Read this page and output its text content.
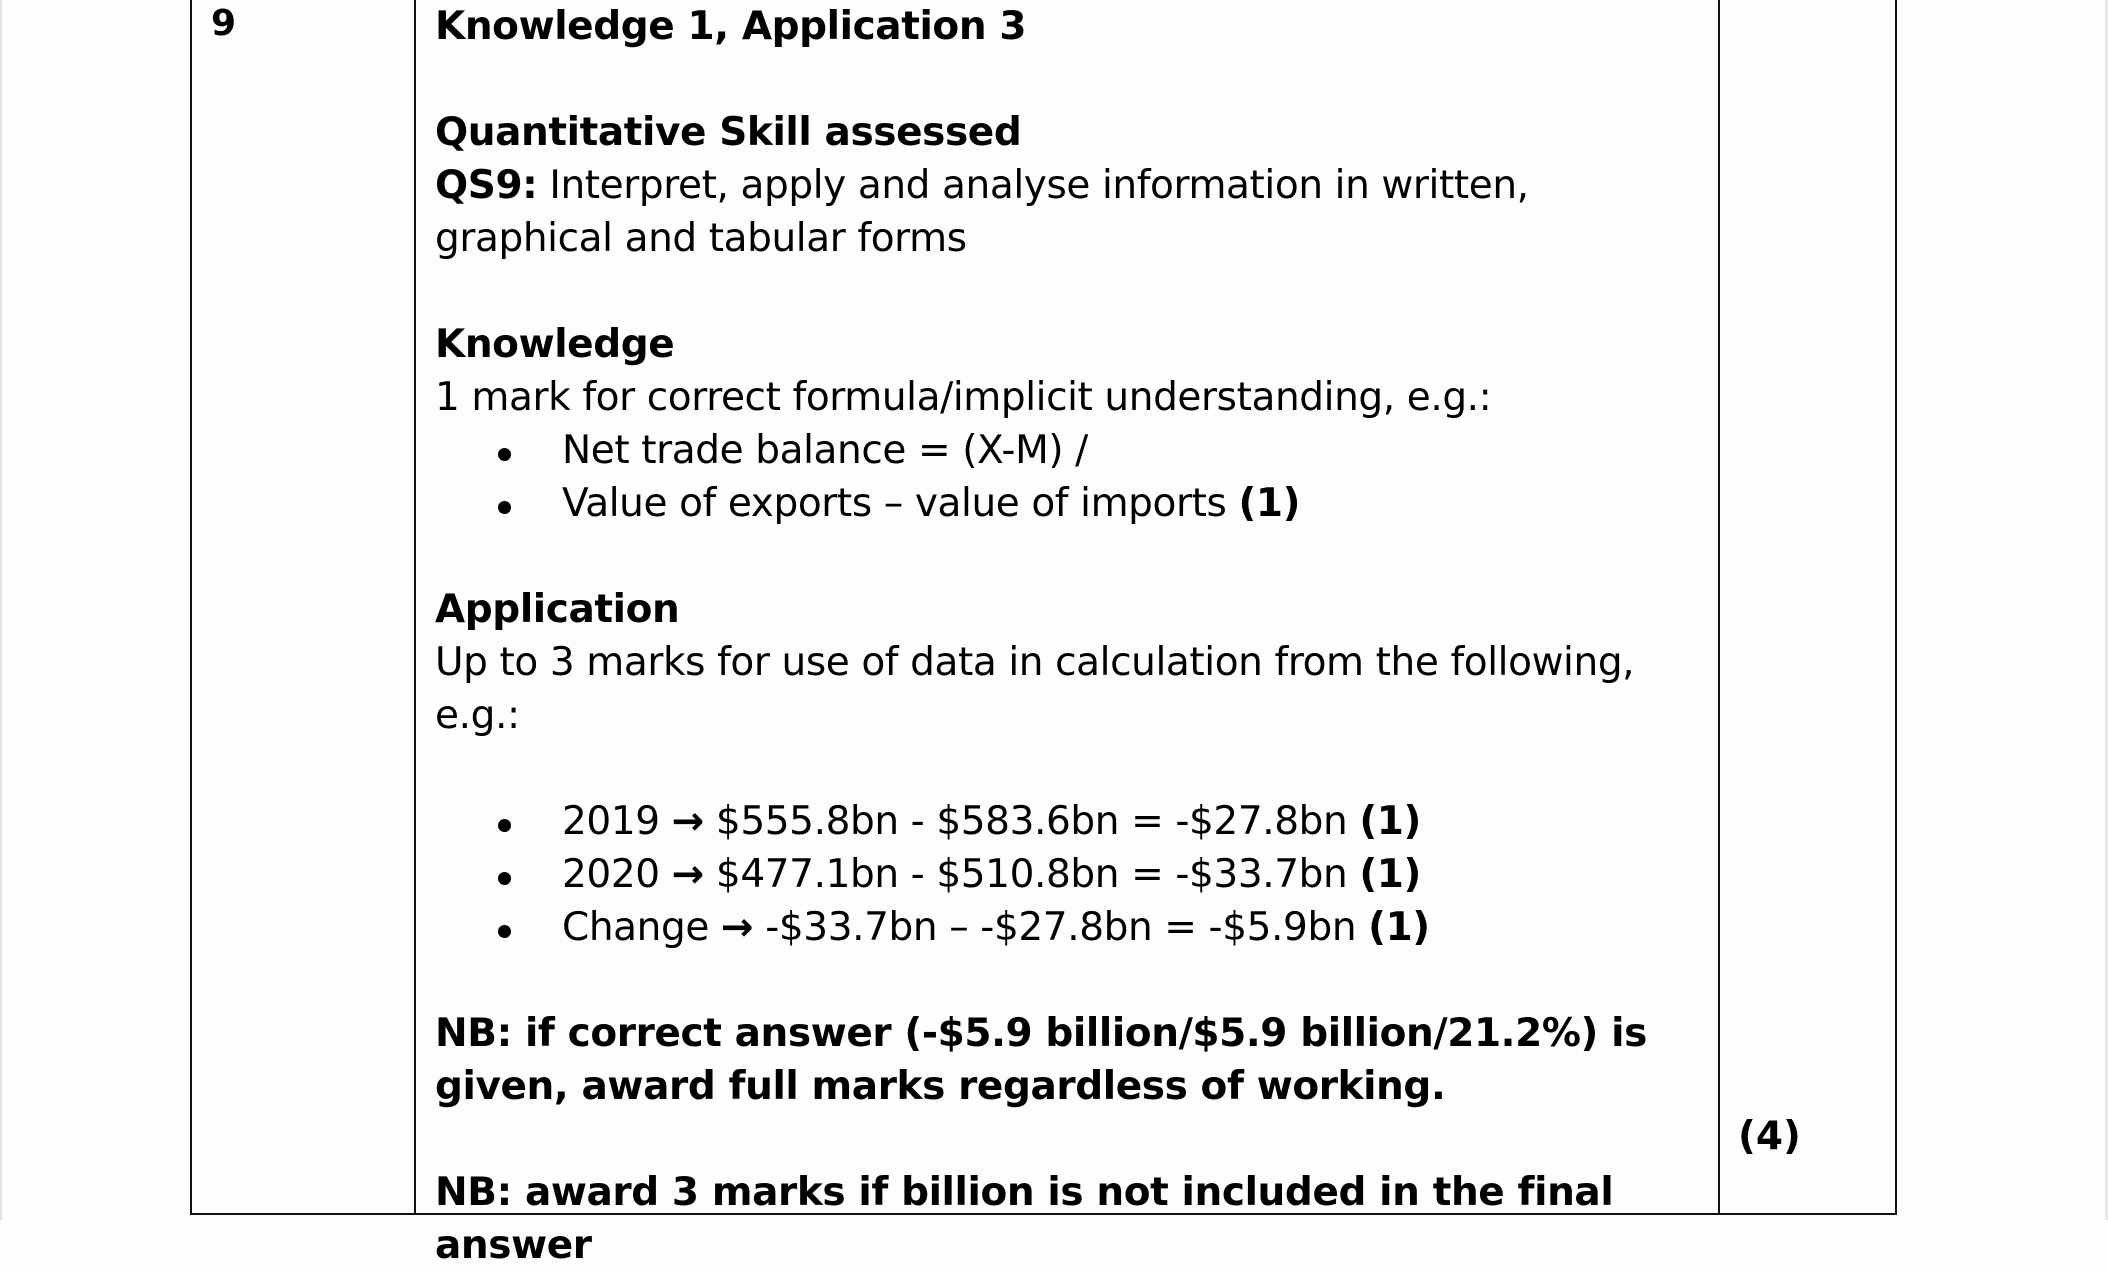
9	Knowledge 1, Application 3

Quantitative Skill assessed

QS9: Interpret, apply and analyse information in written, graphical and tabular forms

Knowledge

1 mark for correct formula/implicit understanding, e.g.:

Net trade balance = (X-M) /
Value of exports – value of imports (1)

Application

Up to 3 marks for use of data in calculation from the following, e.g.:

2019 → $555.8bn - $583.6bn = -$27.8bn (1)
2020 → $477.1bn - $510.8bn = -$33.7bn (1)
Change → -$33.7bn – -$27.8bn = -$5.9bn (1)

NB: if correct answer (-$5.9 billion/$5.9 billion/21.2%) is given, award full marks regardless of working.

NB: award 3 marks if billion is not included in the final answer

(4)
